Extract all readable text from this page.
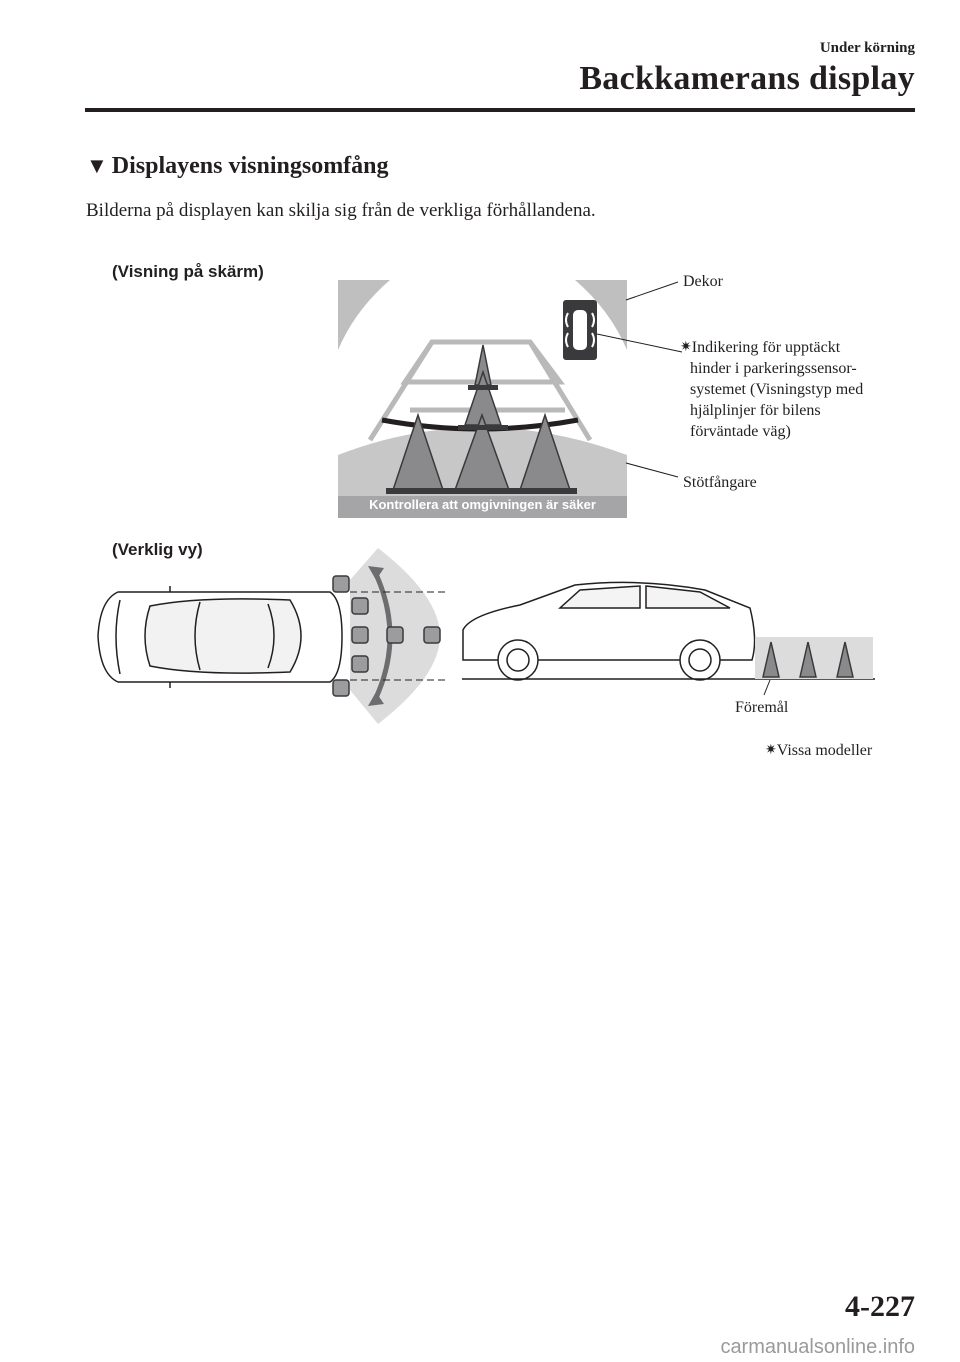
Under körning
Backkamerans display
▼ Displayens visningsomfång
Bilderna på displayen kan skilja sig från de verkliga förhållandena.
(Visning på skärm)
Kontrollera att omgivningen är säker
Dekor
✷Indikering för upptäckt
hinder i parkeringssensor-
systemet (Visningstyp med
hjälplinjer för bilens
förväntade väg)
Stötfångare
(Verklig vy)
Föremål
✷Vissa modeller
4-227
carmanualsonline.info
